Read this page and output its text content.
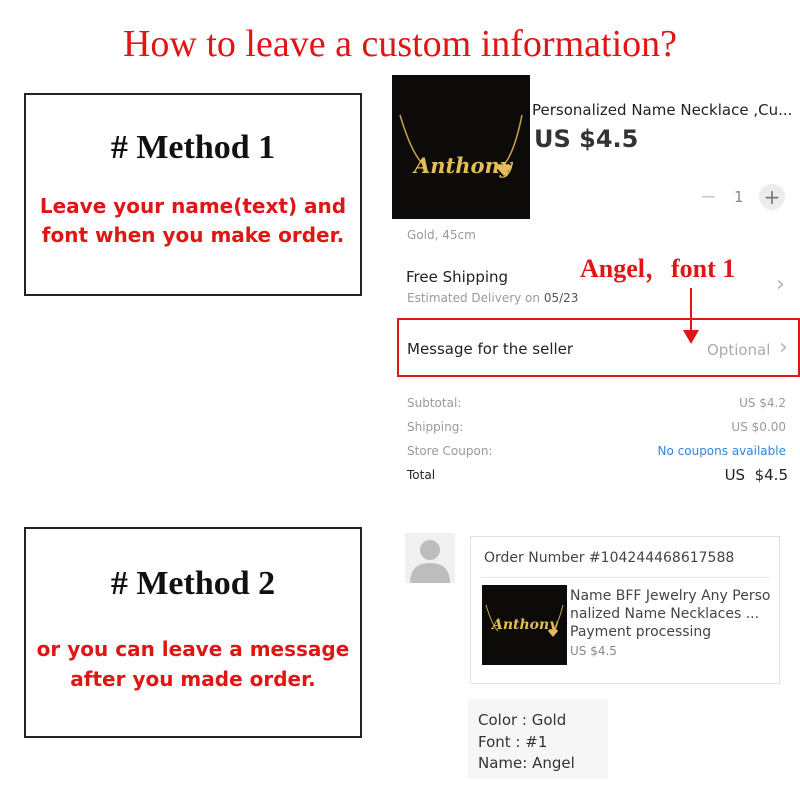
How to leave a custom information?
# Method 1
Leave your name(text) and
font when you make order.
# Method 2
or you can leave a message
after you made order.
Anthony
Personalized Name Necklace ,Cu...
US $4.5
− 1 +
Gold, 45cm
Free Shipping
Estimated Delivery on 05/23
›
Angel，font 1
Message for the seller	Optional ›
Subtotal:	US $4.2
Shipping:	US $0.00
Store Coupon:	No coupons available
Total	US  $4.5
Order Number #104244468617588
Anthony
Name BFF Jewelry Any Perso
nalized Name Necklaces ...
Payment processing
US $4.5
Color : Gold
Font : #1
Name: Angel
